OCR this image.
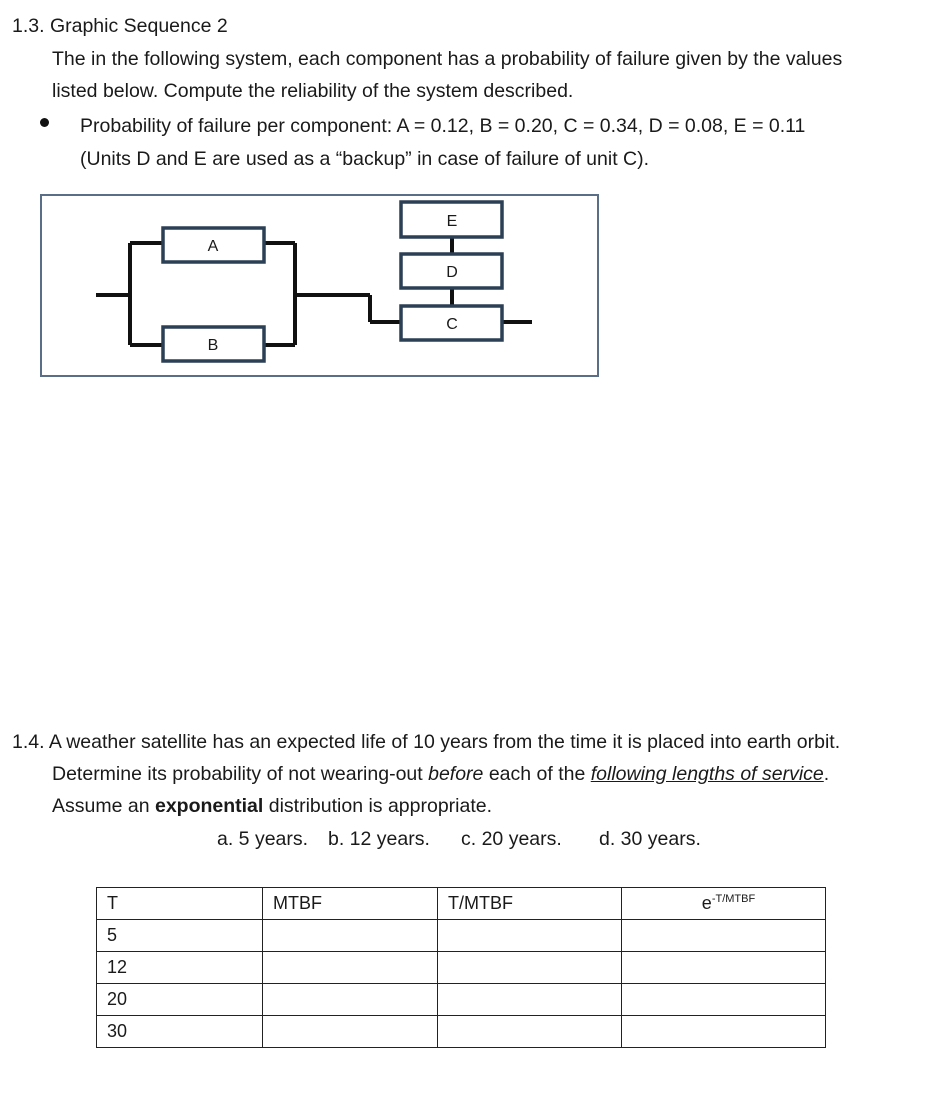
1.3. Graphic Sequence 2
The in the following system, each component has a probability of failure given by the values
listed below. Compute the reliability of the system described.
Probability of failure per component: A = 0.12, B = 0.20, C = 0.34, D = 0.08, E = 0.11
(Units D and E are used as a “backup” in case of failure of unit C).
A
B
E
D
C
1.4. A weather satellite has an expected life of 10 years from the time it is placed into earth orbit.
Determine its probability of not wearing-out before each of the following lengths of service.
Assume an exponential distribution is appropriate.
a. 5 years. b. 12 years. c. 20 years. d. 30 years.
T	MTBF	T/MTBF	$e^{-T/MTBF}$
5			
12			
20			
30			
